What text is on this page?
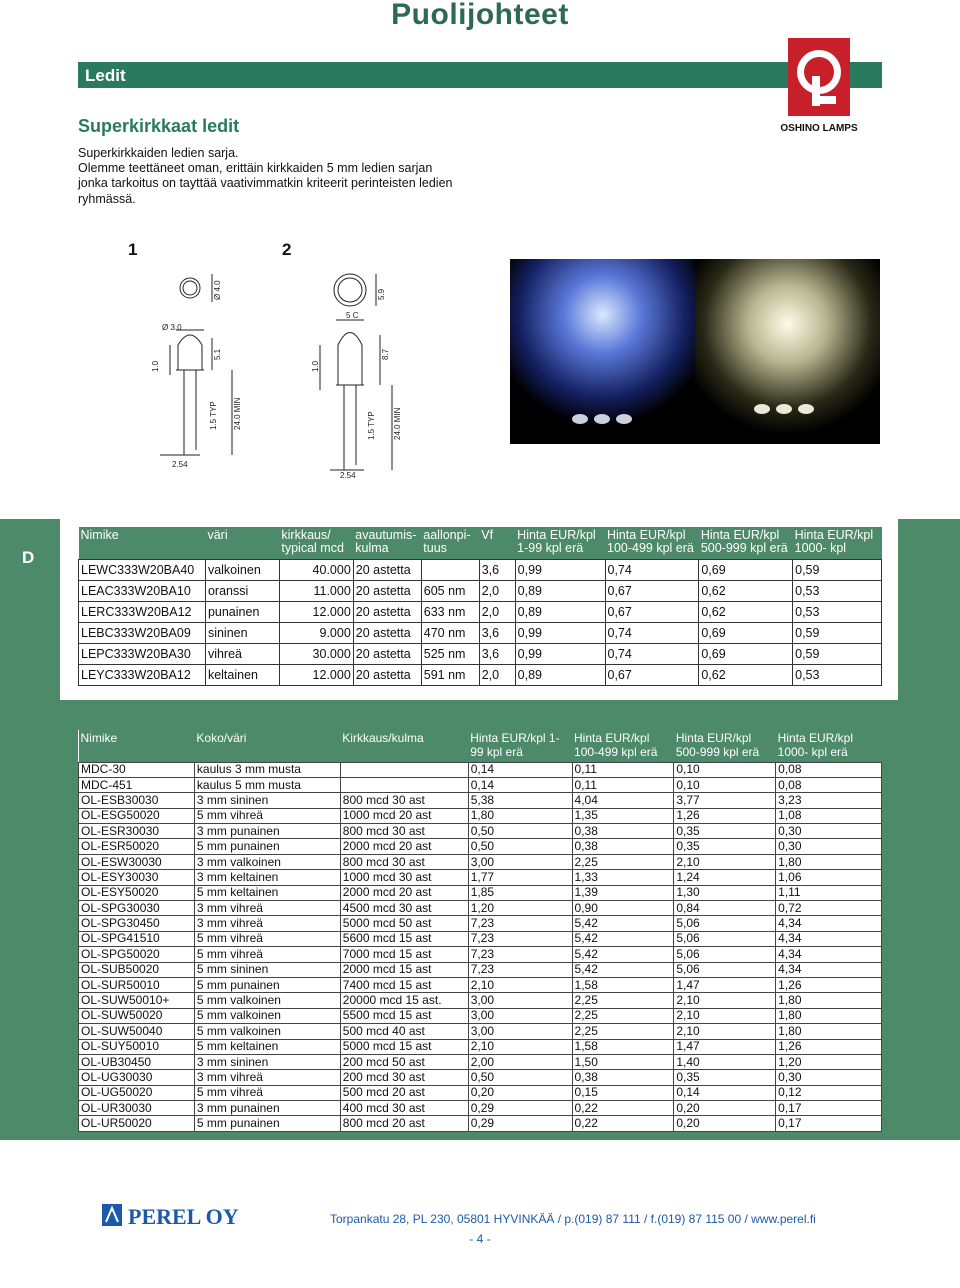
Puolijohteet
Ledit
OSHINO LAMPS
Superkirkkaat ledit

Superkirkkaiden ledien sarja.

Olemme teettäneet oman, erittäin kirkkaiden 5 mm ledien sarjan

jonka tarkoitus on tayttää vaativimmatkin kriteerit perinteisten ledien

ryhmässä.

1	2
Ø 4.0
Ø 3.0
1.0
5.1
1.5 TYP 24.0 MIN
2.54
5.9
5 C
1.0
8.7
1.5 TYP 24.0 MIN
2.54
D
Nimike	väri	kirkkaus/ typical mcd	avautumis- kulma	aallonpi- tuus	Vf	Hinta EUR/kpl 1-99 kpl erä	Hinta EUR/kpl 100-499 kpl erä	Hinta EUR/kpl 500-999 kpl erä	Hinta EUR/kpl 1000- kpl
LEWC333W20BA40	valkoinen	40.000	20 astetta		3,6	0,99	0,74	0,69	0,59
LEAC333W20BA10	oranssi	11.000	20 astetta	605 nm	2,0	0,89	0,67	0,62	0,53
LERC333W20BA12	punainen	12.000	20 astetta	633 nm	2,0	0,89	0,67	0,62	0,53
LEBC333W20BA09	sininen	9.000	20 astetta	470 nm	3,6	0,99	0,74	0,69	0,59
LEPC333W20BA30	vihreä	30.000	20 astetta	525 nm	3,6	0,99	0,74	0,69	0,59
LEYC333W20BA12	keltainen	12.000	20 astetta	591 nm	2,0	0,89	0,67	0,62	0,53
Nimike	Koko/väri	Kirkkaus/kulma	Hinta EUR/kpl 1-99 kpl erä	Hinta EUR/kpl 100-499 kpl erä	Hinta EUR/kpl 500-999 kpl erä	Hinta EUR/kpl 1000- kpl erä
MDC-30	kaulus 3 mm musta		0,14	0,11	0,10	0,08
MDC-451	kaulus 5 mm musta		0,14	0,11	0,10	0,08
OL-ESB30030	3 mm sininen	800 mcd 30 ast	5,38	4,04	3,77	3,23
OL-ESG50020	5 mm vihreä	1000 mcd 20 ast	1,80	1,35	1,26	1,08
OL-ESR30030	3 mm punainen	800 mcd 30 ast	0,50	0,38	0,35	0,30
OL-ESR50020	5 mm punainen	2000 mcd 20 ast	0,50	0,38	0,35	0,30
OL-ESW30030	3 mm valkoinen	800 mcd 30 ast	3,00	2,25	2,10	1,80
OL-ESY30030	3 mm keltainen	1000 mcd 30 ast	1,77	1,33	1,24	1,06
OL-ESY50020	5 mm keltainen	2000 mcd 20 ast	1,85	1,39	1,30	1,11
OL-SPG30030	3 mm vihreä	4500 mcd 30 ast	1,20	0,90	0,84	0,72
OL-SPG30450	3 mm vihreä	5000 mcd 50 ast	7,23	5,42	5,06	4,34
OL-SPG41510	5 mm vihreä	5600 mcd 15 ast	7,23	5,42	5,06	4,34
OL-SPG50020	5 mm vihreä	7000 mcd 15 ast	7,23	5,42	5,06	4,34
OL-SUB50020	5 mm sininen	2000 mcd 15 ast	7,23	5,42	5,06	4,34
OL-SUR50010	5 mm punainen	7400 mcd 15 ast	2,10	1,58	1,47	1,26
OL-SUW50010+	5 mm valkoinen	20000 mcd 15 ast.	3,00	2,25	2,10	1,80
OL-SUW50020	5 mm valkoinen	5500 mcd 15 ast	3,00	2,25	2,10	1,80
OL-SUW50040	5 mm valkoinen	500 mcd 40 ast	3,00	2,25	2,10	1,80
OL-SUY50010	5 mm keltainen	5000 mcd 15 ast	2,10	1,58	1,47	1,26
OL-UB30450	3 mm sininen	200 mcd 50 ast	2,00	1,50	1,40	1,20
OL-UG30030	3 mm vihreä	200 mcd 30 ast	0,50	0,38	0,35	0,30
OL-UG50020	5 mm vihreä	500 mcd 20 ast	0,20	0,15	0,14	0,12
OL-UR30030	3 mm punainen	400 mcd 30 ast	0,29	0,22	0,20	0,17
OL-UR50020	5 mm punainen	800 mcd 20 ast	0,29	0,22	0,20	0,17
PEREL OY	Torpankatu 28, PL 230, 05801 HYVINKÄÄ / p.(019) 87 111 / f.(019) 87 115 00 / www.perel.fi
- 4 -
